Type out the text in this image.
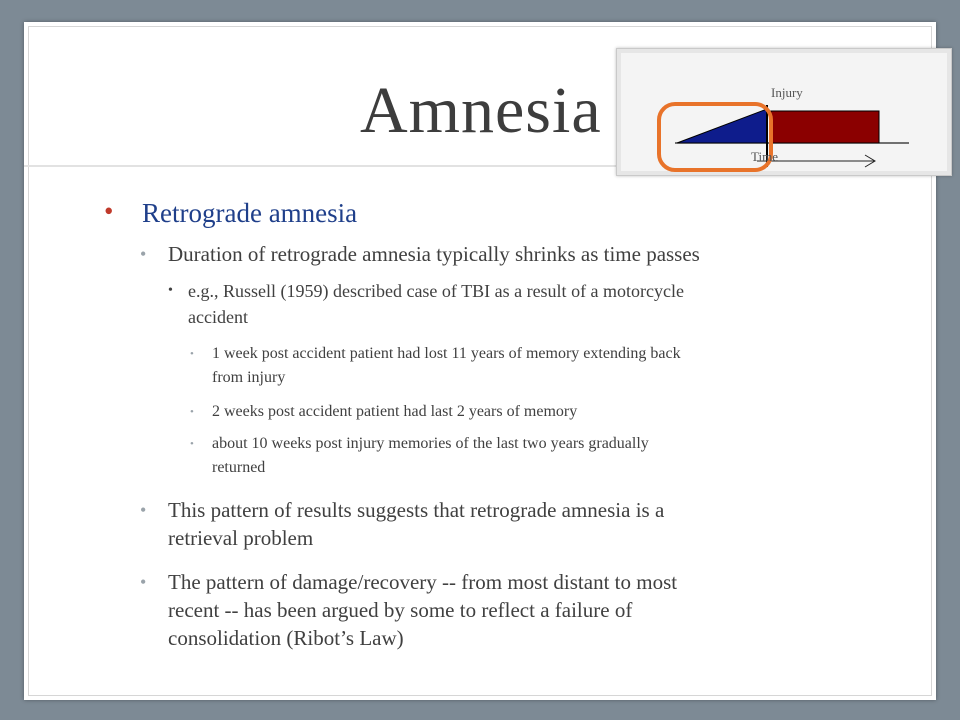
Amnesia	Injury
Time
• Retrograde amnesia
• Duration of retrograde amnesia typically shrinks as time passes
• e.g., Russell (1959) described case of TBI as a result of a motorcycle
accident
• 1 week post accident patient had lost 11 years of memory extending back
from injury
• 2 weeks post accident patient had last 2 years of memory
• about 10 weeks post injury memories of the last two years gradually
returned
• This pattern of results suggests that retrograde amnesia is a
retrieval problem
• The pattern of damage/recovery -- from most distant to most
recent -- has been argued by some to reflect a failure of
consolidation (Ribot’s Law)
